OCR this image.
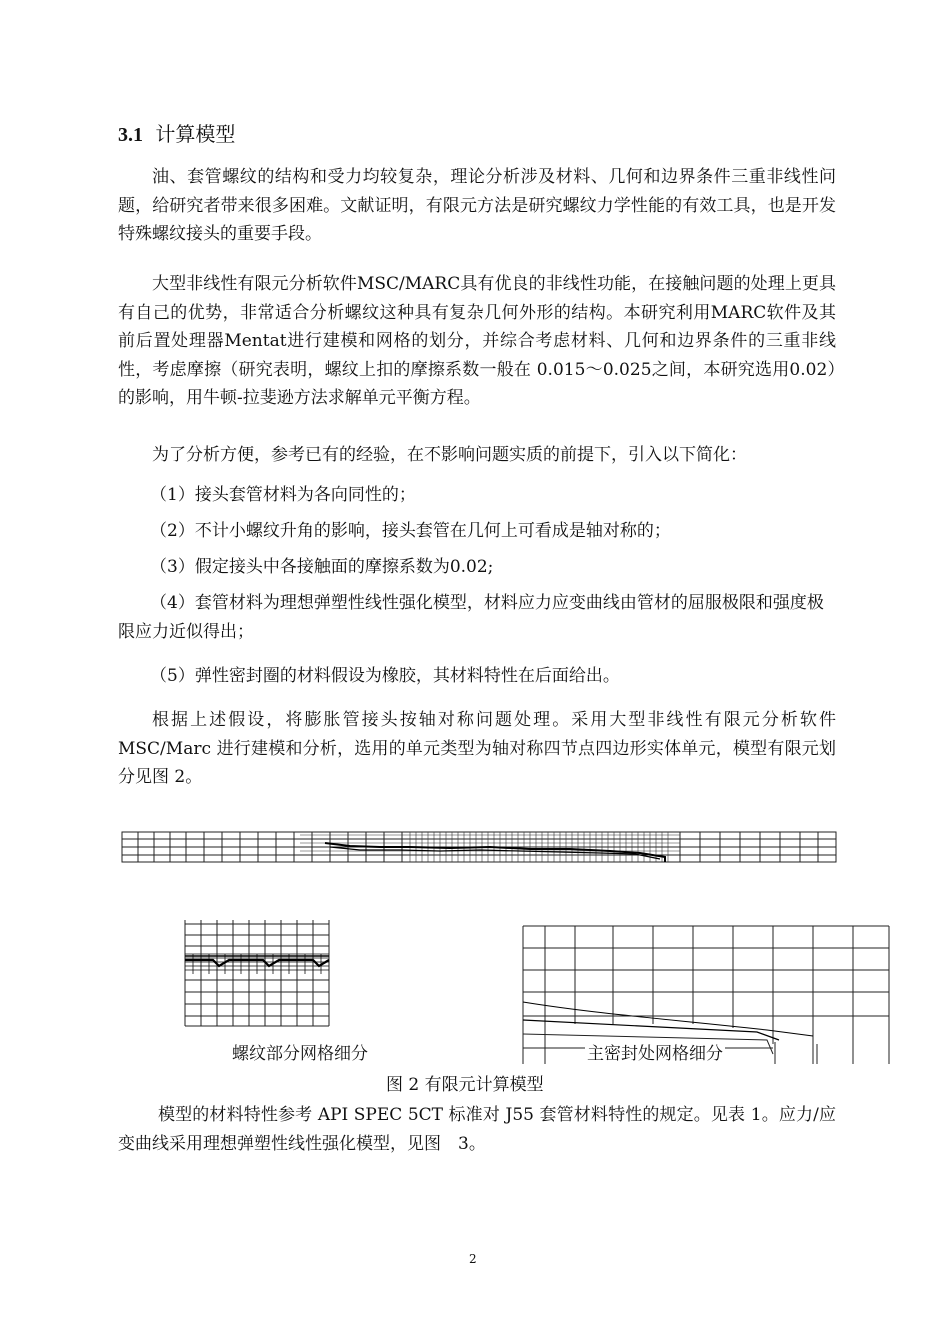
3.1 计算模型
油、套管螺纹的结构和受力均较复杂，理论分析涉及材料、几何和边界条件三重非线性问题，给研究者带来很多困难。文献证明，有限元方法是研究螺纹力学性能的有效工具，也是开发特殊螺纹接头的重要手段。
大型非线性有限元分析软件MSC/MARC具有优良的非线性功能，在接触问题的处理上更具有自己的优势，非常适合分析螺纹这种具有复杂几何外形的结构。本研究利用MARC软件及其前后置处理器Mentat进行建模和网格的划分，并综合考虑材料、几何和边界条件的三重非线性，考虑摩擦（研究表明，螺纹上扣的摩擦系数一般在 0.015～0.025之间，本研究选用0.02）的影响，用牛顿-拉斐逊方法求解单元平衡方程。
为了分析方便，参考已有的经验，在不影响问题实质的前提下，引入以下简化：
（1）接头套管材料为各向同性的；
（2）不计小螺纹升角的影响，接头套管在几何上可看成是轴对称的；
（3）假定接头中各接触面的摩擦系数为0.02;
（4）套管材料为理想弹塑性线性强化模型，材料应力应变曲线由管材的屈服极限和强度极限应力近似得出；
（5）弹性密封圈的材料假设为橡胶，其材料特性在后面给出。
根据上述假设，将膨胀管接头按轴对称问题处理。采用大型非线性有限元分析软件 MSC/Marc 进行建模和分析，选用的单元类型为轴对称四节点四边形实体单元，模型有限元划分见图 2。
螺纹部分网格细分	主密封处网格细分
图 2 有限元计算模型
模型的材料特性参考 API SPEC 5CT 标准对 J55 套管材料特性的规定。见表 1。应力/应变曲线采用理想弹塑性线性强化模型，见图　3。
2
